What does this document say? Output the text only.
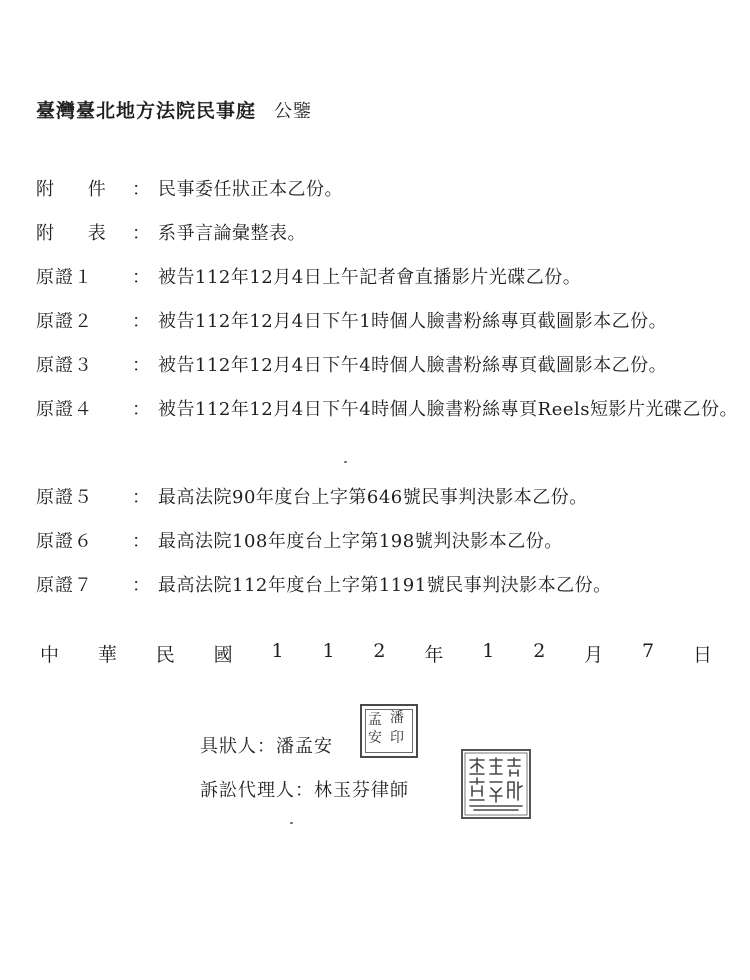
臺灣臺北地方法院民事庭 公鑒
附 件 ： 民事委任狀正本乙份。
附 表 ： 系爭言論彙整表。
原證１	： 被告112年12月4日上午記者會直播影片光碟乙份。
原證２	： 被告112年12月4日下午1時個人臉書粉絲專頁截圖影本乙份。
原證３	： 被告112年12月4日下午4時個人臉書粉絲專頁截圖影本乙份。
原證４	： 被告112年12月4日下午4時個人臉書粉絲專頁Reels短影片光碟乙份。
原證５	： 最高法院90年度台上字第646號民事判決影本乙份。
原證６	： 最高法院108年度台上字第198號判決影本乙份。
原證７	： 最高法院112年度台上字第1191號民事判決影本乙份。
中 華 民 國 1 1 2 年 1 2 月 7 日
具狀人：潘孟安
訴訟代理人：林玉芬律師
孟
安
潘
印
